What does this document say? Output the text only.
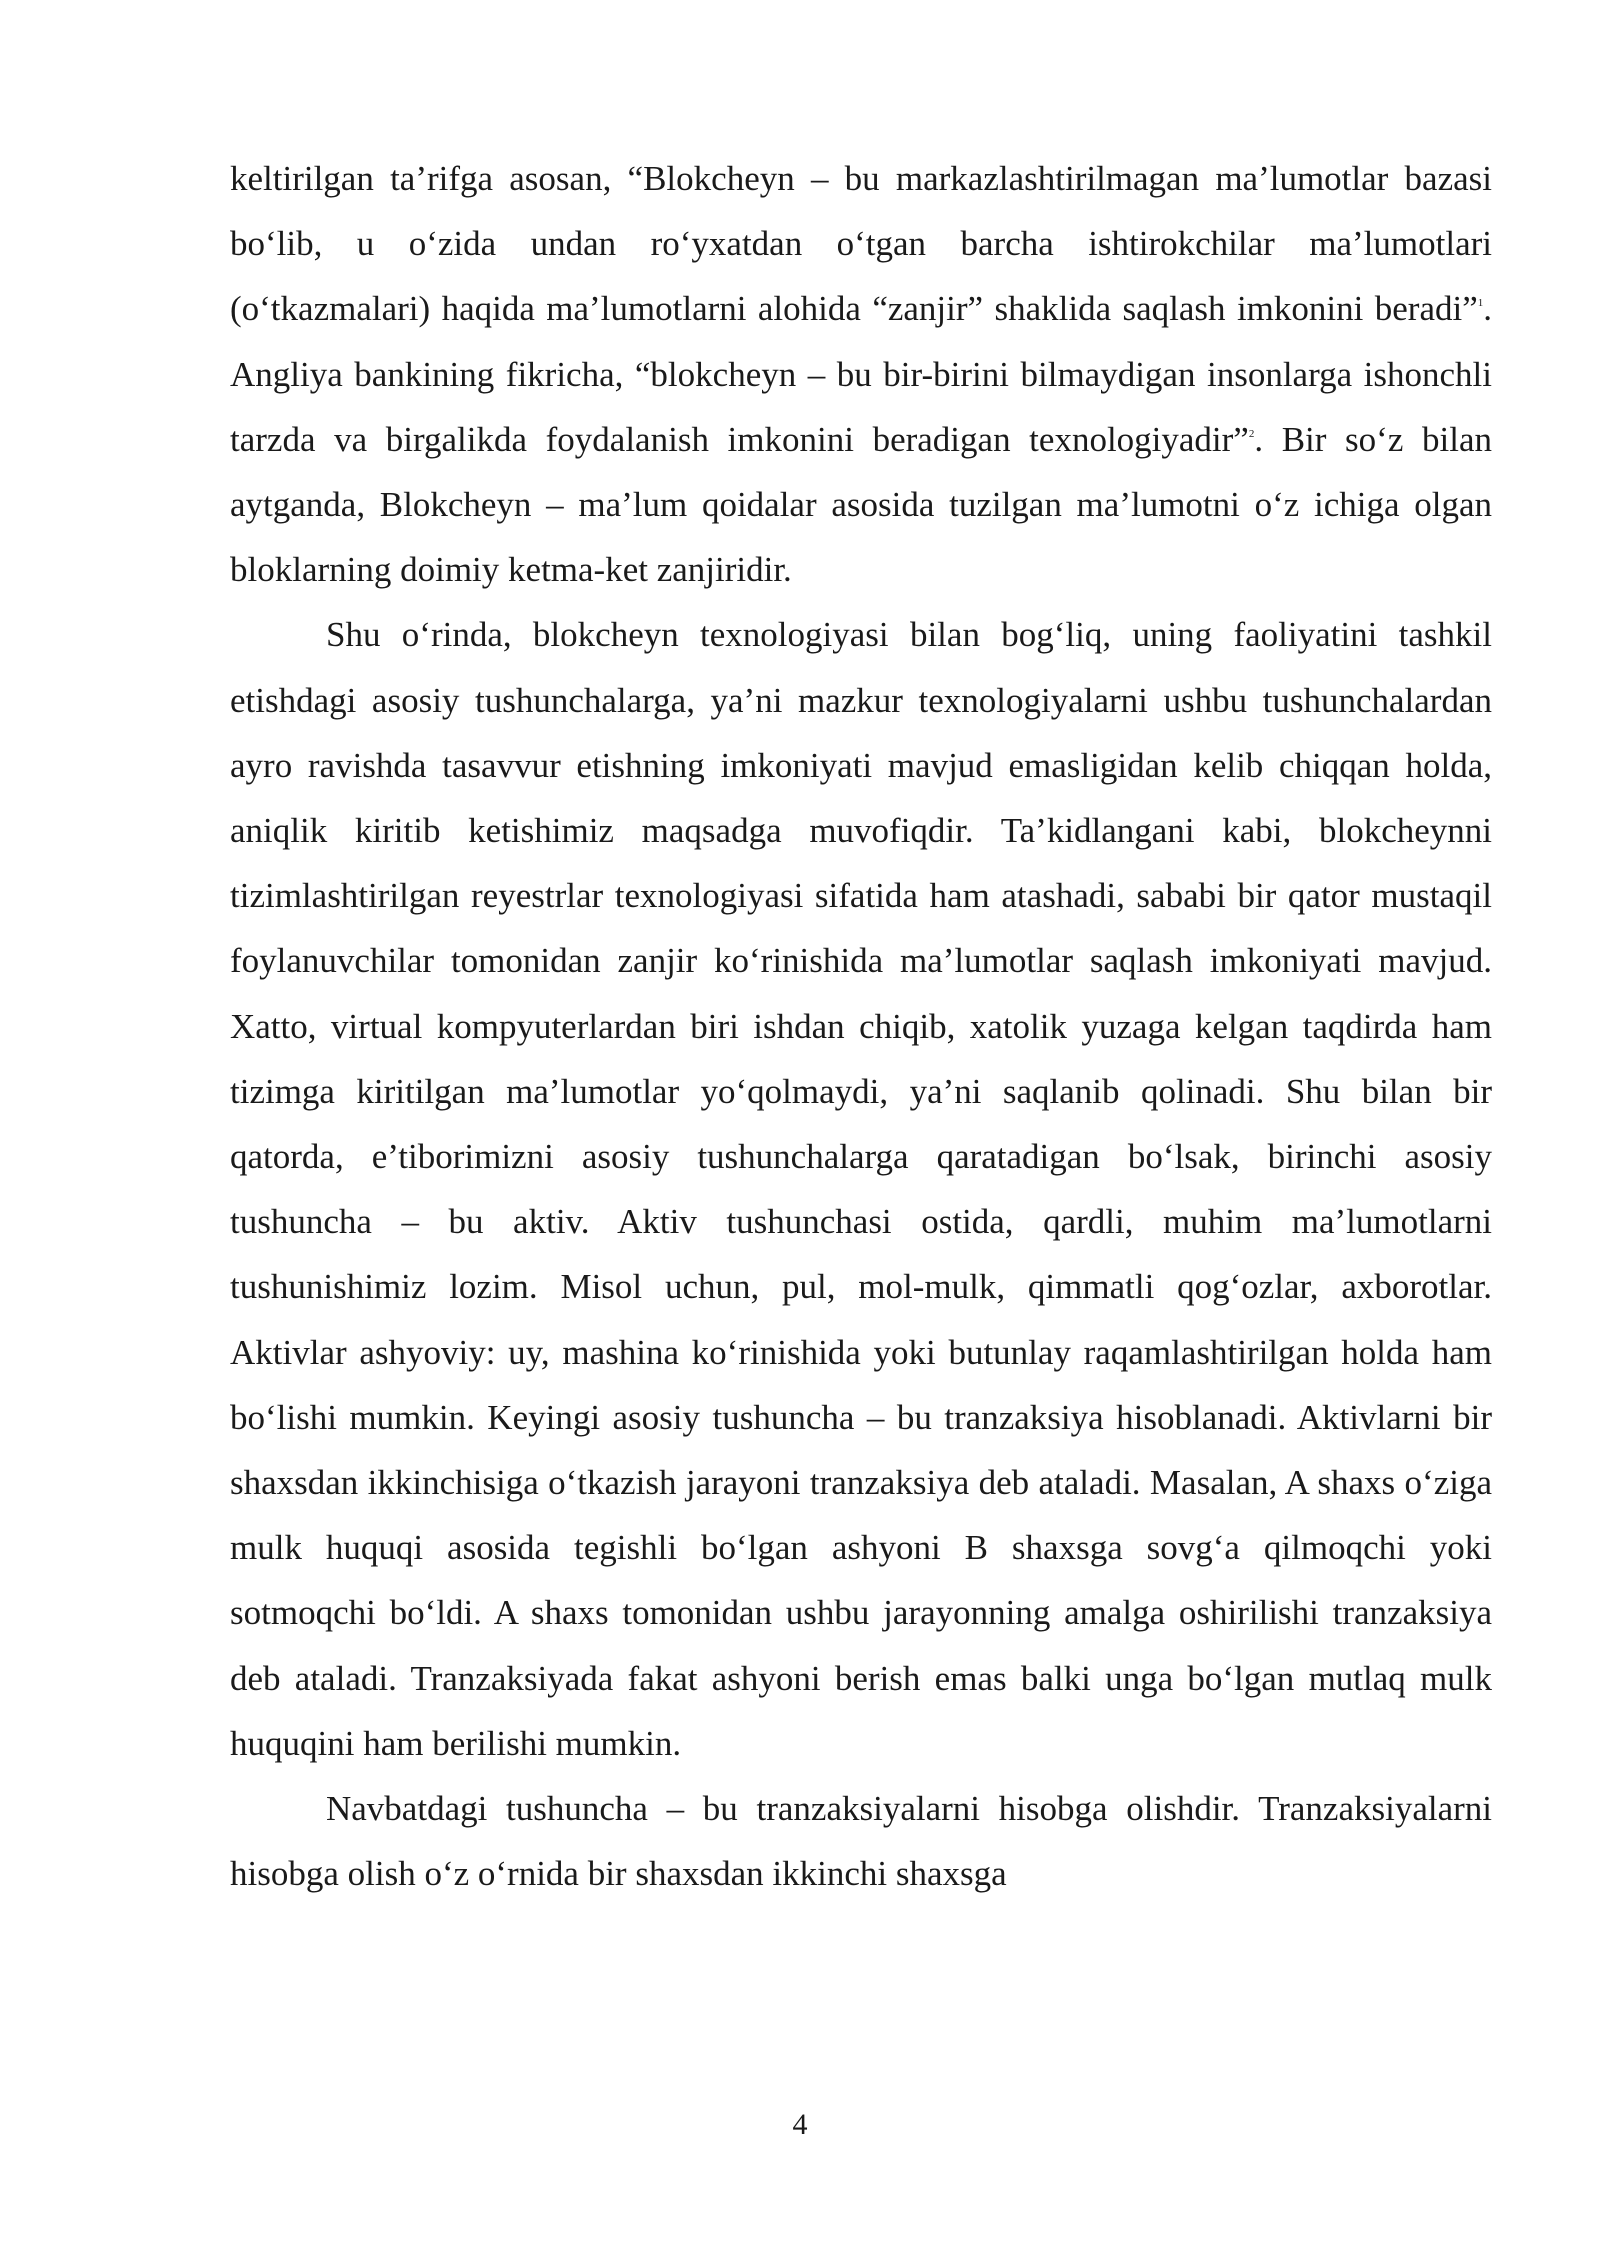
keltirilgan ta’rifga asosan, “Blokcheyn – bu markazlashtirilmagan ma’lumotlar bazasi bo‘lib, u o‘zida undan ro‘yxatdan o‘tgan barcha ishtirokchilar ma’lumotlari (o‘tkazmalari) haqida ma’lumotlarni alohida “zanjir” shaklida saqlash imkonini beradi”$^1$. Angliya bankining fikricha, “blokcheyn – bu bir-birini bilmaydigan insonlarga ishonchli tarzda va birgalikda foydalanish imkonini beradigan texnologiyadir”$^2$. Bir so‘z bilan aytganda, Blokcheyn – ma’lum qoidalar asosida tuzilgan ma’lumotni o‘z ichiga olgan bloklarning doimiy ketma-ket zanjiridir.

Shu o‘rinda, blokcheyn texnologiyasi bilan bog‘liq, uning faoliyatini tashkil etishdagi asosiy tushunchalarga, ya’ni mazkur texnologiyalarni ushbu tushunchalardan ayro ravishda tasavvur etishning imkoniyati mavjud emasligidan kelib chiqqan holda, aniqlik kiritib ketishimiz maqsadga muvofiqdir. Ta’kidlangani kabi, blokcheynni tizimlashtirilgan reyestrlar texnologiyasi sifatida ham atashadi, sababi bir qator mustaqil foylanuvchilar tomonidan zanjir ko‘rinishida ma’lumotlar saqlash imkoniyati mavjud. Xatto, virtual kompyuterlardan biri ishdan chiqib, xatolik yuzaga kelgan taqdirda ham tizimga kiritilgan ma’lumotlar yo‘qolmaydi, ya’ni saqlanib qolinadi. Shu bilan bir qatorda, e’tiborimizni asosiy tushunchalarga qaratadigan bo‘lsak, birinchi asosiy tushuncha – bu aktiv. Aktiv tushunchasi ostida, qardli, muhim ma’lumotlarni tushunishimiz lozim. Misol uchun, pul, mol-mulk, qimmatli qog‘ozlar, axborotlar. Aktivlar ashyoviy: uy, mashina ko‘rinishida yoki butunlay raqamlashtirilgan holda ham bo‘lishi mumkin. Keyingi asosiy tushuncha – bu tranzaksiya hisoblanadi. Aktivlarni bir shaxsdan ikkinchisiga o‘tkazish jarayoni tranzaksiya deb ataladi. Masalan, A shaxs o‘ziga mulk huquqi asosida tegishli bo‘lgan ashyoni B shaxsga sovg‘a qilmoqchi yoki sotmoqchi bo‘ldi. A shaxs tomonidan ushbu jarayonning amalga oshirilishi tranzaksiya deb ataladi. Tranzaksiyada fakat ashyoni berish emas balki unga bo‘lgan mutlaq mulk huquqini ham berilishi mumkin.

Navbatdagi tushuncha – bu tranzaksiyalarni hisobga olishdir. Tranzaksiyalarni hisobga olish o‘z o‘rnida bir shaxsdan ikkinchi shaxsga

4
